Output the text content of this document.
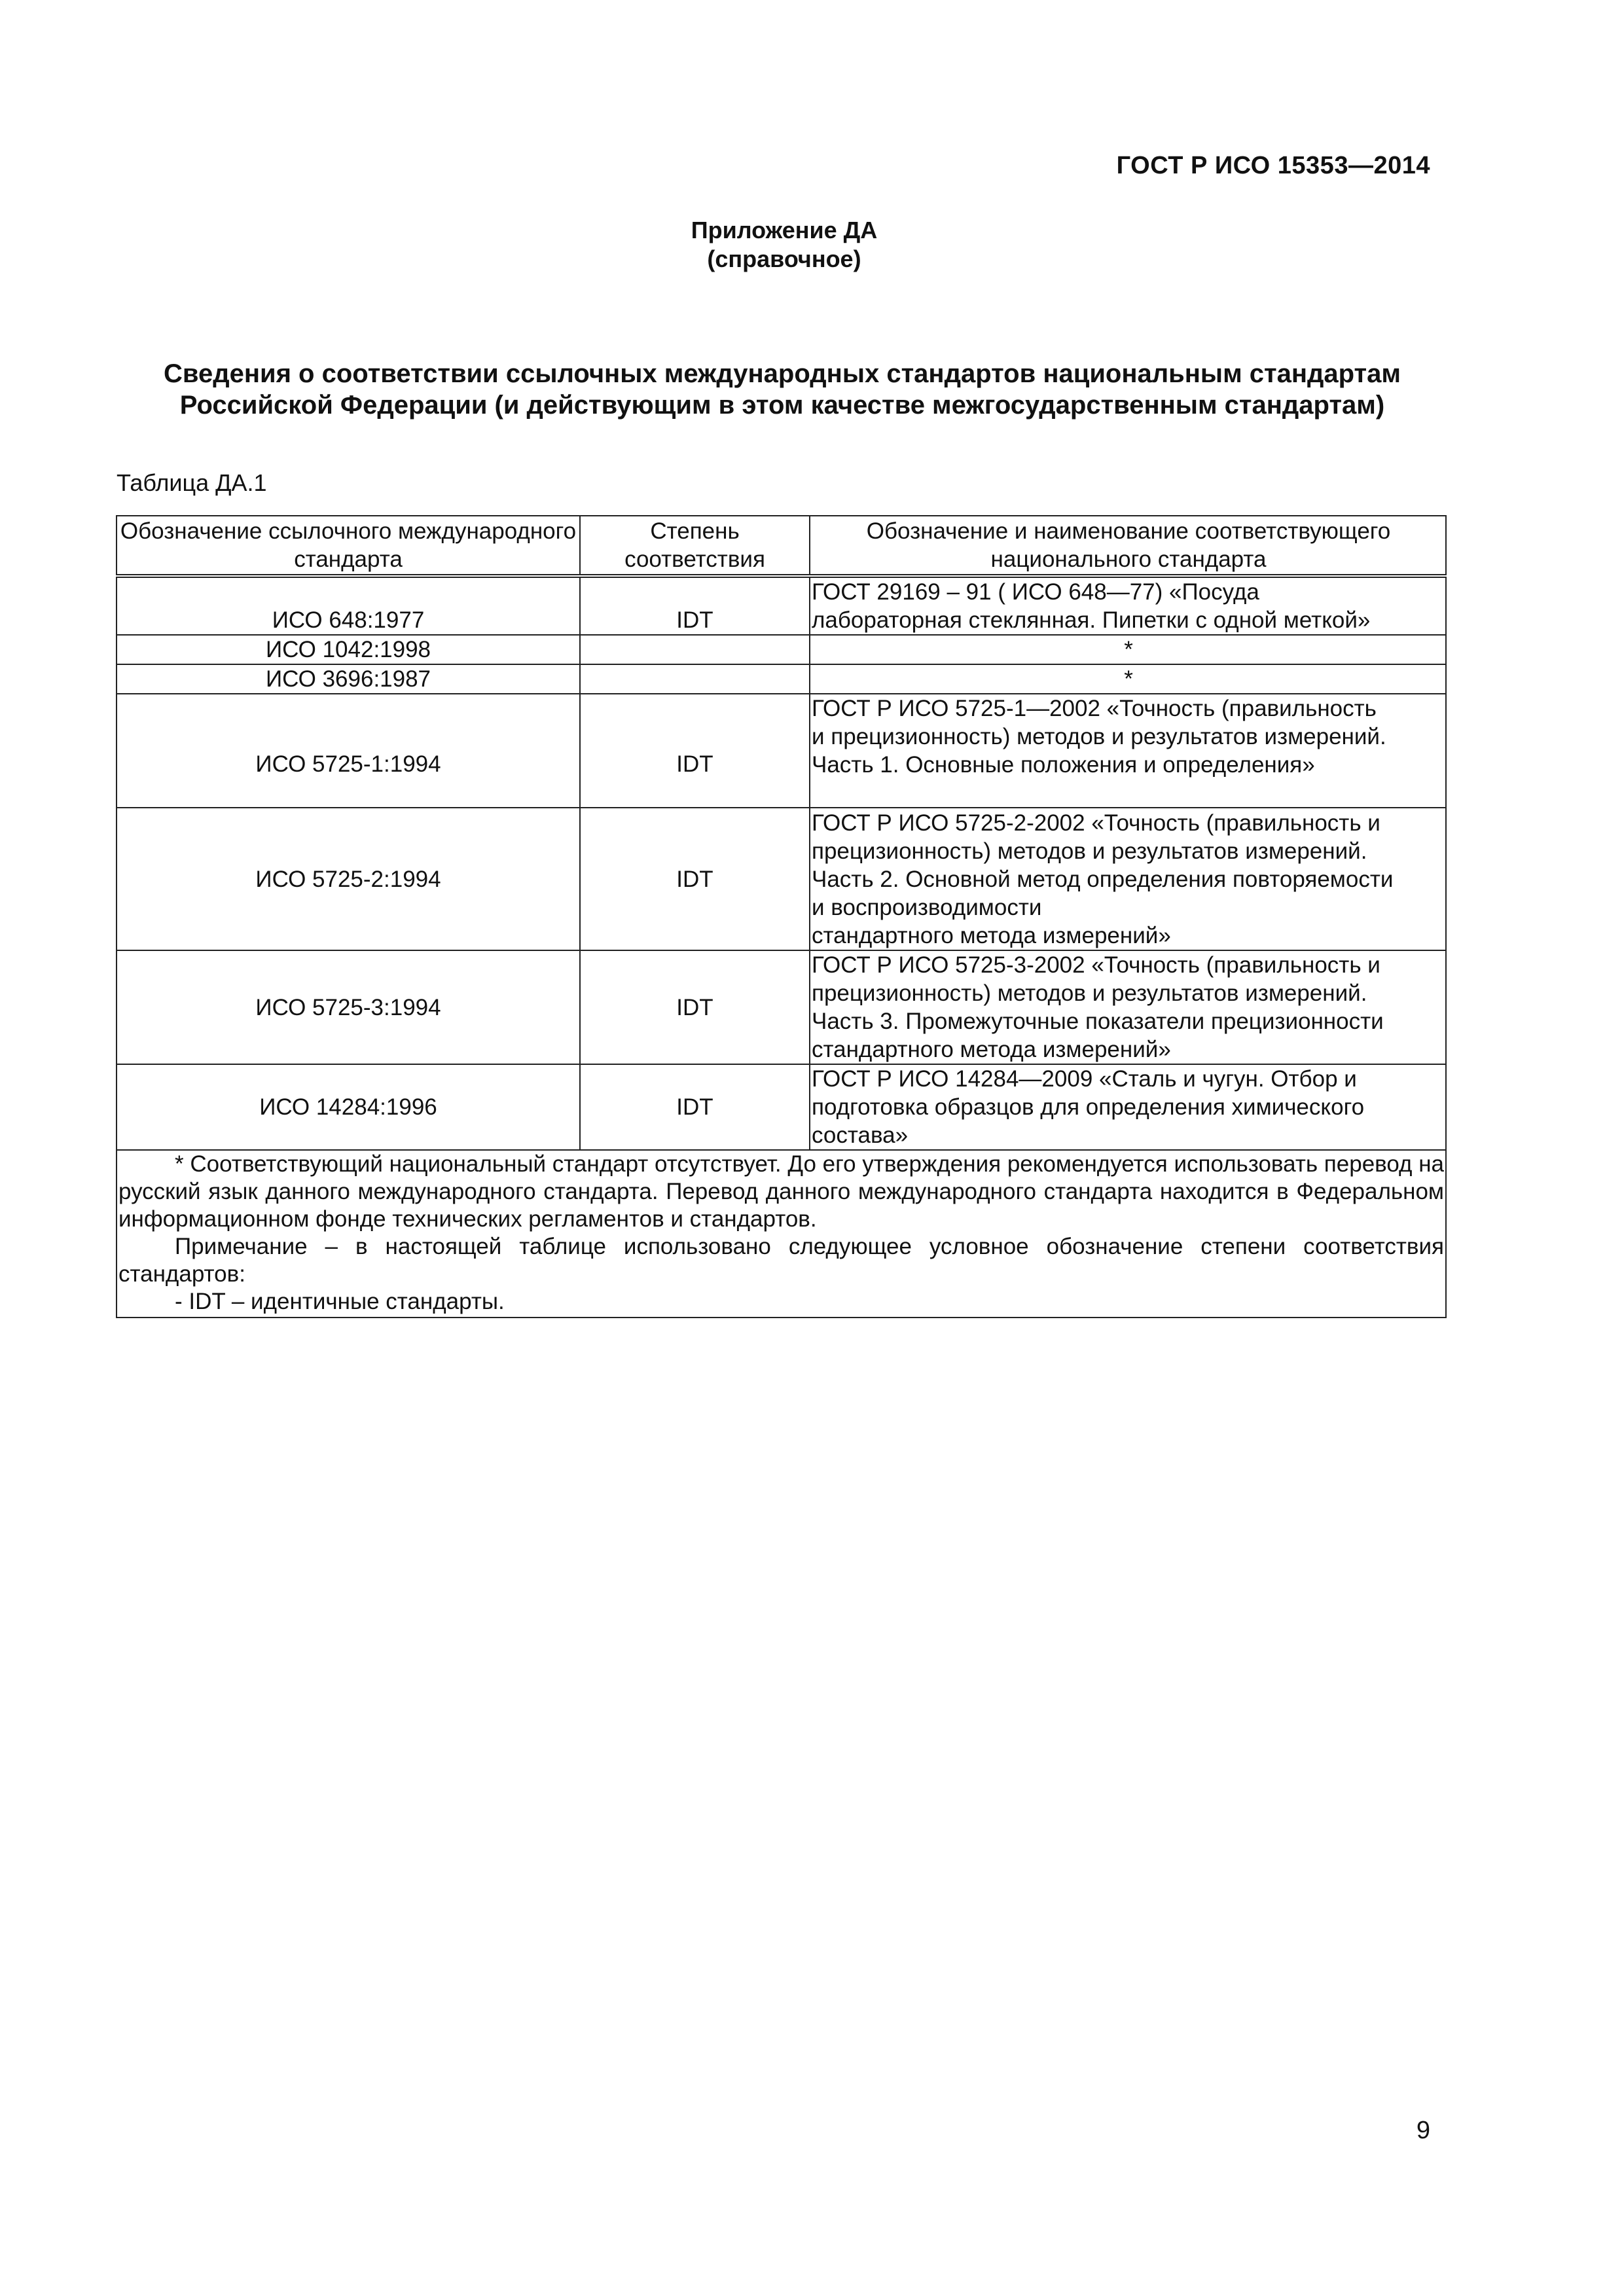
ГОСТ Р ИСО 15353—2014
Приложение ДА
(справочное)
Сведения о соответствии ссылочных международных стандартов национальным стандартам
Российской Федерации (и действующим в этом качестве межгосударственным стандартам)
Таблица ДА.1
Обозначение ссылочного международного стандарта	Степень соответствия	Обозначение и наименование соответствующего национального стандарта
ИСО 648:1977	IDT	ГОСТ 29169 – 91 ( ИСО 648—77) «Посуда
лабораторная стеклянная. Пипетки с одной меткой»

ИСО 1042:1998		*

ИСО 3696:1987		*

ИСО 5725-1:1994	IDT	ГОСТ Р ИСО 5725-1—2002 «Точность (правильность
и прецизионность) методов и результатов измерений.
Часть 1. Основные положения и определения»

ИСО 5725-2:1994	IDT	ГОСТ Р ИСО 5725-2-2002 «Точность (правильность и
прецизионность) методов и результатов измерений.
Часть 2. Основной метод определения повторяемости
и воспроизводимости
стандартного метода измерений»

ИСО 5725-3:1994	IDT	ГОСТ Р ИСО 5725-3-2002 «Точность (правильность и
прецизионность) методов и результатов измерений.
Часть 3. Промежуточные показатели прецизионности
стандартного метода измерений»

ИСО 14284:1996	IDT	ГОСТ Р ИСО 14284—2009 «Сталь и чугун. Отбор и
подготовка образцов для определения химического
состава»

* Соответствующий национальный стандарт отсутствует. До его утверждения рекомендуется использовать перевод на русский язык данного международного стандарта. Перевод данного международного стандарта находится в Федеральном информационном фонде технических регламентов и стандартов.
Примечание – в настоящей таблице использовано следующее условное обозначение степени соответствия стандартов:
- IDT – идентичные стандарты.		
9
